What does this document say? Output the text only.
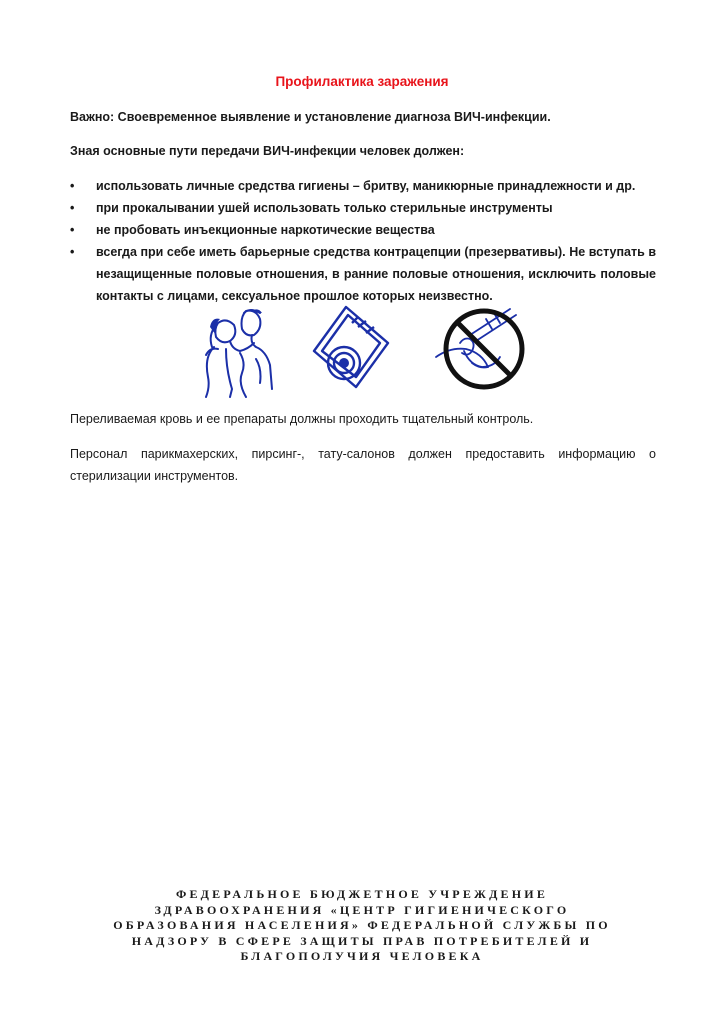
Профилактика заражения
Важно: Своевременное выявление и установление диагноза ВИЧ-инфекции.
Зная основные пути передачи ВИЧ-инфекции человек должен:
• использовать личные средства гигиены – бритву, маникюрные принадлежности и др.
• при прокалывании ушей использовать только стерильные инструменты
• не пробовать инъекционные наркотические вещества
• всегда при себе иметь барьерные средства контрацепции (презервативы). Не вступать в незащищенные половые отношения, в ранние половые отношения, исключить половые контакты с лицами, сексуальное прошлое которых неизвестно.
Переливаемая кровь и ее препараты должны проходить тщательный контроль.
Персонал парикмахерских, пирсинг-, тату-салонов должен предоставить информацию о стерилизации инструментов.
ФЕДЕРАЛЬНОЕ БЮДЖЕТНОЕ УЧРЕЖДЕНИЕ
ЗДРАВООХРАНЕНИЯ «ЦЕНТР ГИГИЕНИЧЕСКОГО
ОБРАЗОВАНИЯ НАСЕЛЕНИЯ» ФЕДЕРАЛЬНОЙ СЛУЖБЫ ПО
НАДЗОРУ В СФЕРЕ ЗАЩИТЫ ПРАВ ПОТРЕБИТЕЛЕЙ И
БЛАГОПОЛУЧИЯ ЧЕЛОВЕКА
